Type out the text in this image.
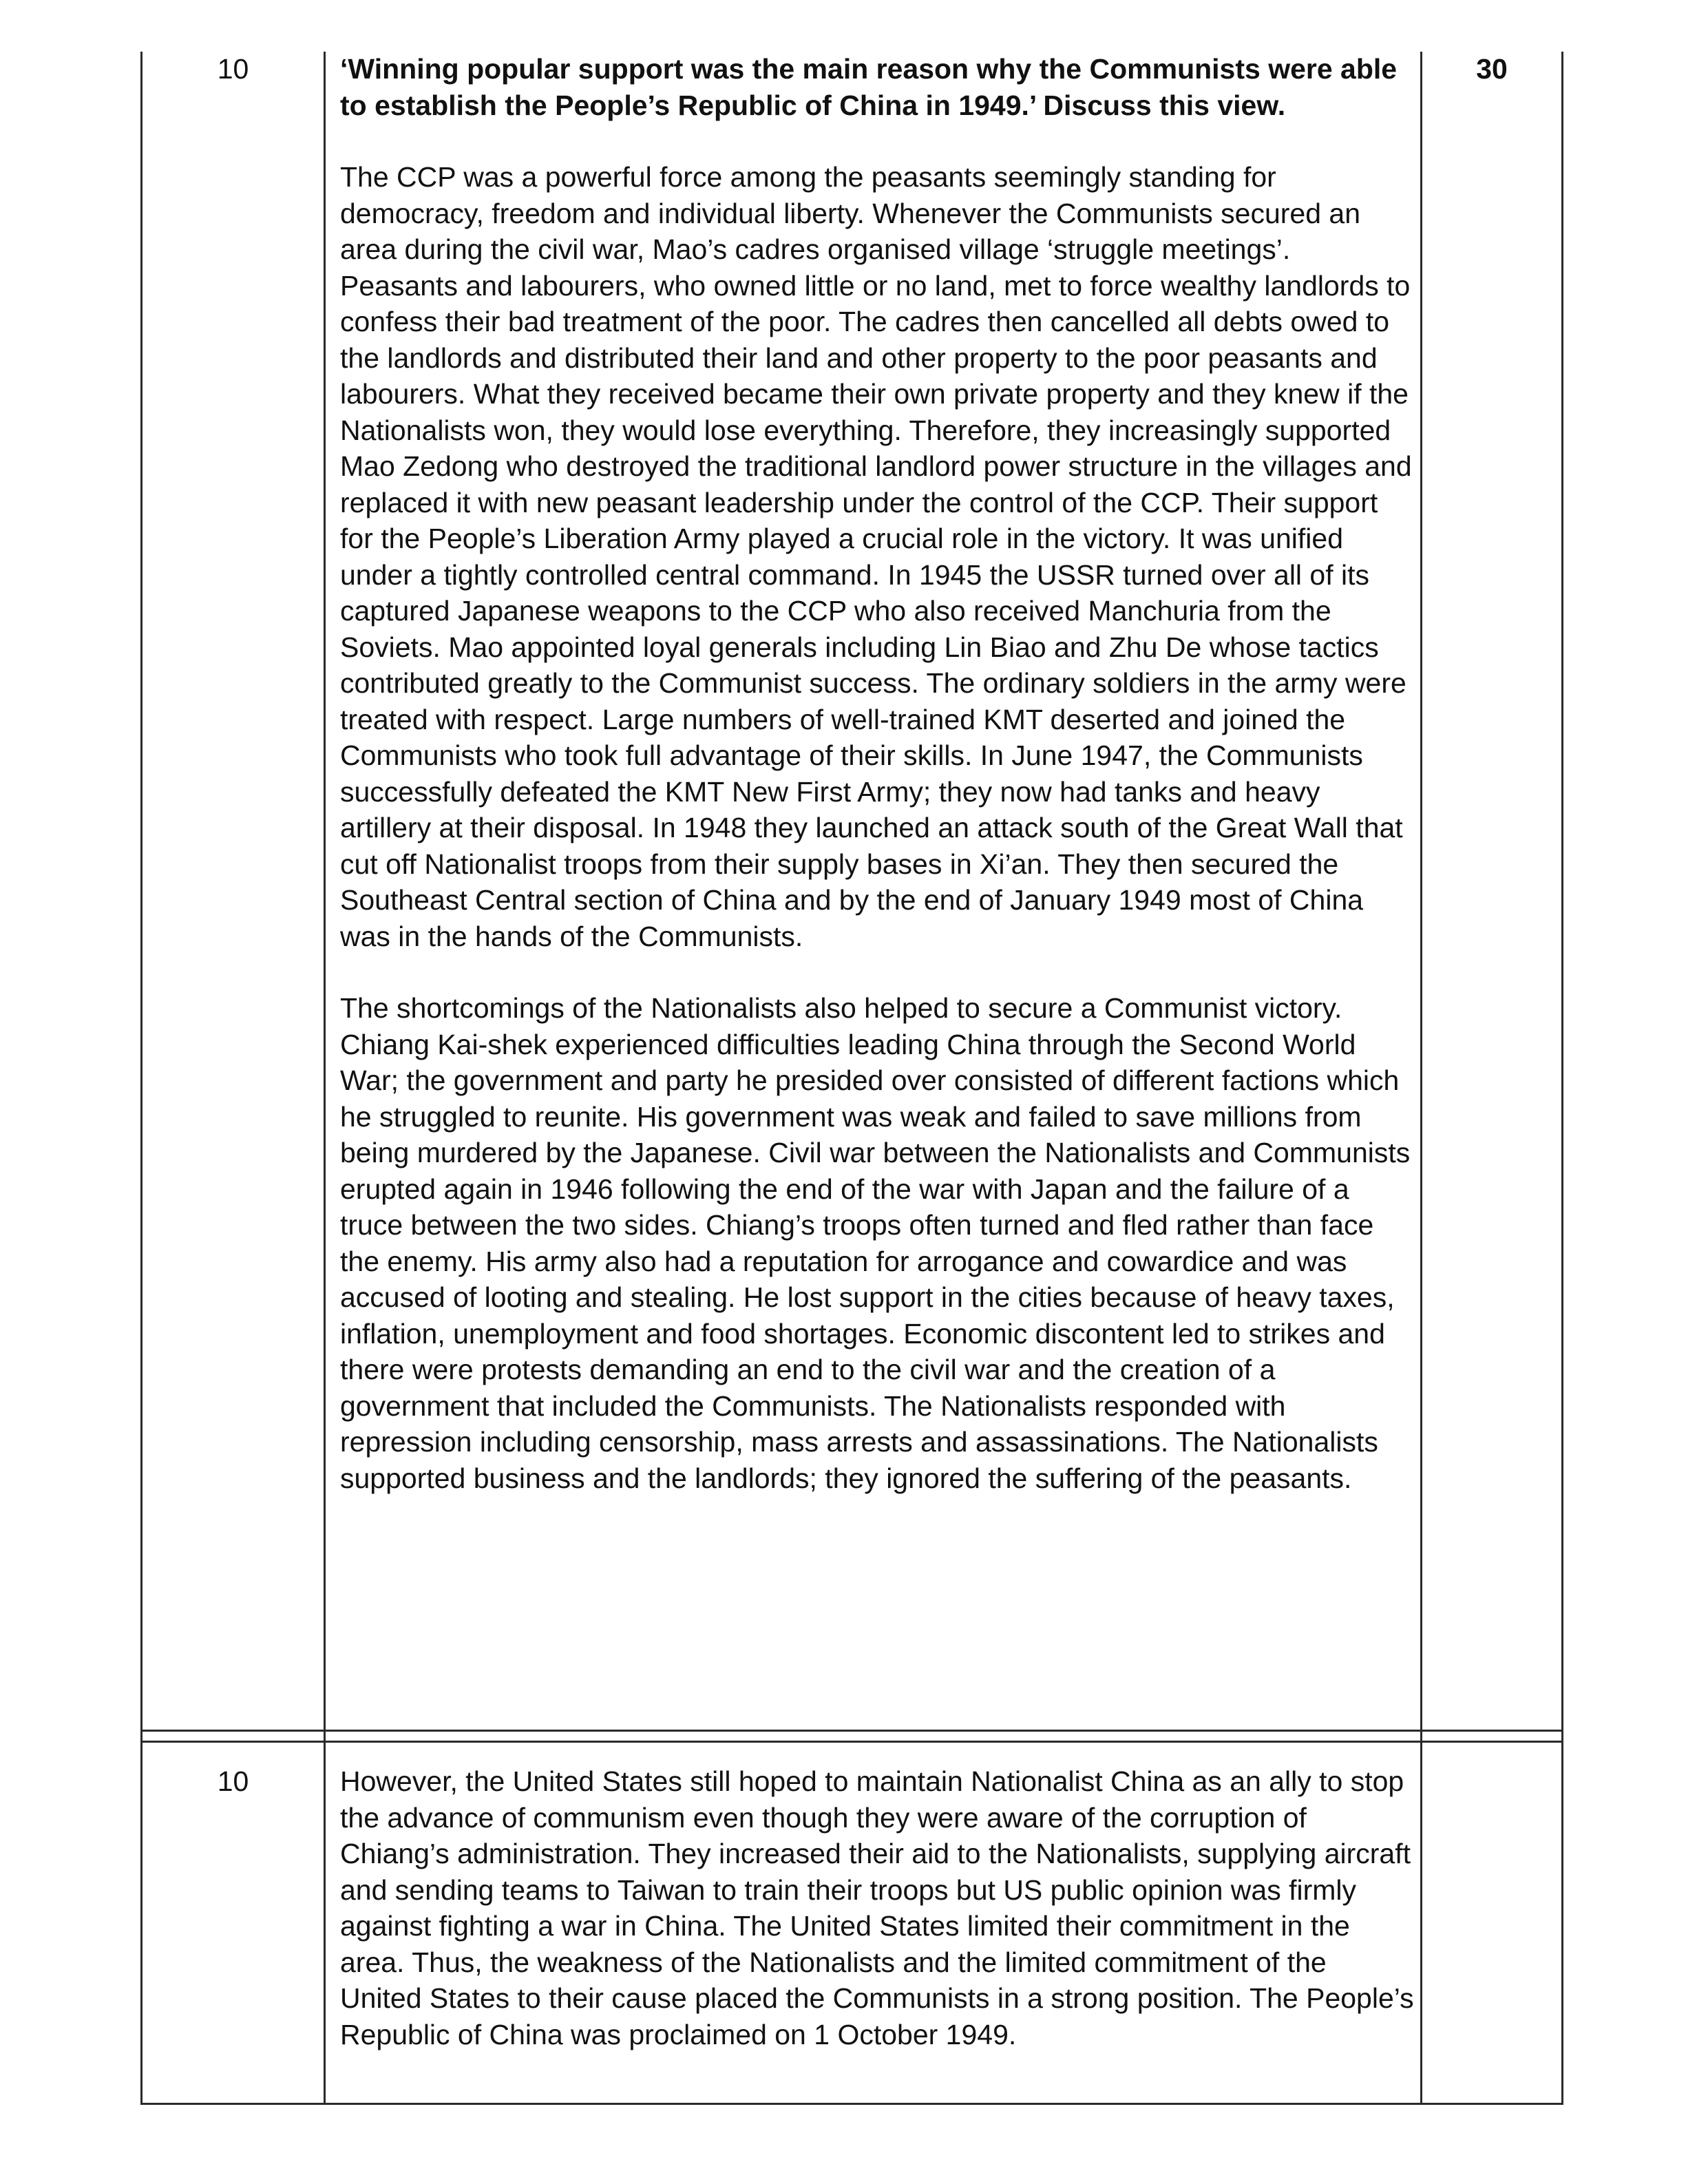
10	30

‘Winning popular support was the main reason why the Communists were able to establish the People’s Republic of China in 1949.’ Discuss this view.

The CCP was a powerful force among the peasants seemingly standing for democracy, freedom and individual liberty. Whenever the Communists secured an area during the civil war, Mao’s cadres organised village ‘struggle meetings’. Peasants and labourers, who owned little or no land, met to force wealthy landlords to confess their bad treatment of the poor. The cadres then cancelled all debts owed to the landlords and distributed their land and other property to the poor peasants and labourers. What they received became their own private property and they knew if the Nationalists won, they would lose everything. Therefore, they increasingly supported Mao Zedong who destroyed the traditional landlord power structure in the villages and replaced it with new peasant leadership under the control of the CCP. Their support for the People’s Liberation Army played a crucial role in the victory. It was unified under a tightly controlled central command. In 1945 the USSR turned over all of its captured Japanese weapons to the CCP who also received Manchuria from the Soviets. Mao appointed loyal generals including Lin Biao and Zhu De whose tactics contributed greatly to the Communist success. The ordinary soldiers in the army were treated with respect. Large numbers of well-trained KMT deserted and joined the Communists who took full advantage of their skills. In June 1947, the Communists successfully defeated the KMT New First Army; they now had tanks and heavy artillery at their disposal. In 1948 they launched an attack south of the Great Wall that cut off Nationalist troops from their supply bases in Xi’an. They then secured the Southeast Central section of China and by the end of January 1949 most of China was in the hands of the Communists.

The shortcomings of the Nationalists also helped to secure a Communist victory. Chiang Kai-shek experienced difficulties leading China through the Second World War; the government and party he presided over consisted of different factions which he struggled to reunite. His government was weak and failed to save millions from being murdered by the Japanese. Civil war between the Nationalists and Communists erupted again in 1946 following the end of the war with Japan and the failure of a truce between the two sides. Chiang’s troops often turned and fled rather than face the enemy. His army also had a reputation for arrogance and cowardice and was accused of looting and stealing. He lost support in the cities because of heavy taxes, inflation, unemployment and food shortages. Economic discontent led to strikes and there were protests demanding an end to the civil war and the creation of a government that included the Communists. The Nationalists responded with repression including censorship, mass arrests and assassinations. The Nationalists supported business and the landlords; they ignored the suffering of the peasants.

10	However, the United States still hoped to maintain Nationalist China as an ally to stop the advance of communism even though they were aware of the corruption of Chiang’s administration. They increased their aid to the Nationalists, supplying aircraft and sending teams to Taiwan to train their troops but US public opinion was firmly against fighting a war in China. The United States limited their commitment in the area. Thus, the weakness of the Nationalists and the limited commitment of the United States to their cause placed the Communists in a strong position. The People’s Republic of China was proclaimed on 1 October 1949.
